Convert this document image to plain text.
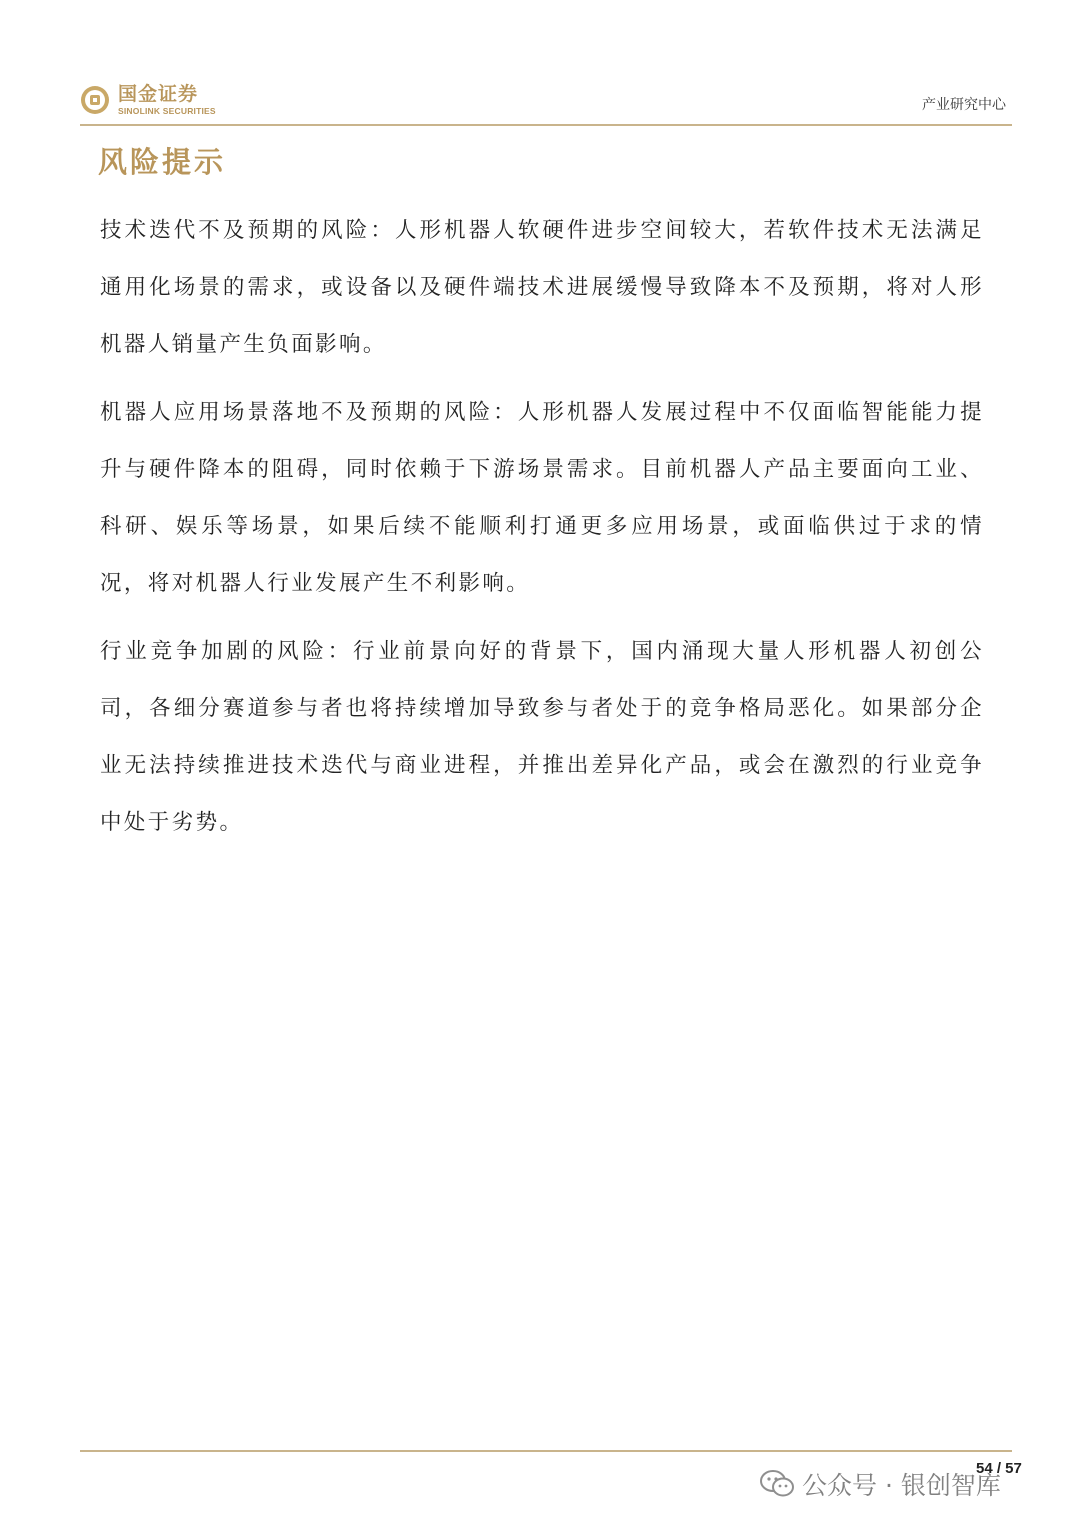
国金证券
SINOLINK SECURITIES	产业研究中心
风险提示

技术迭代不及预期的风险：人形机器人软硬件进步空间较大，若软件技术无法满足通用化场景的需求，或设备以及硬件端技术进展缓慢导致降本不及预期，将对人形机器人销量产生负面影响。

机器人应用场景落地不及预期的风险：人形机器人发展过程中不仅面临智能能力提升与硬件降本的阻碍，同时依赖于下游场景需求。目前机器人产品主要面向工业、科研、娱乐等场景，如果后续不能顺利打通更多应用场景，或面临供过于求的情况，将对机器人行业发展产生不利影响。

行业竞争加剧的风险：行业前景向好的背景下，国内涌现大量人形机器人初创公司，各细分赛道参与者也将持续增加导致参与者处于的竞争格局恶化。如果部分企业无法持续推进技术迭代与商业进程，并推出差异化产品，或会在激烈的行业竞争中处于劣势。

公众号 · 银创智库
54 / 57
